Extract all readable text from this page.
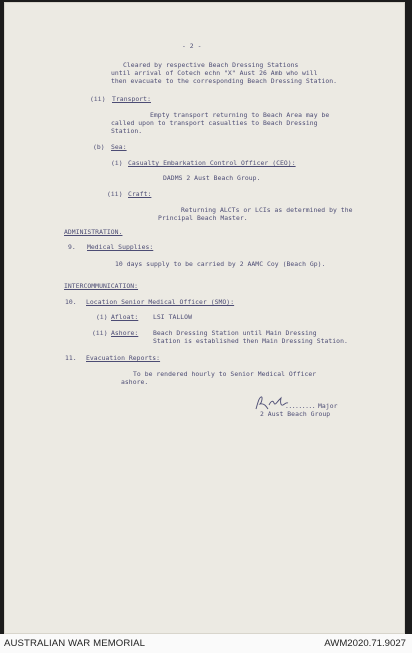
- 2 -
Cleared by respective Beach Dressing Stations
until arrival of Cotech echn "X" Aust 26 Amb who will
then evacuate to the corresponding Beach Dressing Station.
(ii) Transport:
Empty transport returning to Beach Area may be
called upon to transport casualties to Beach Dressing
Station.
(b) Sea:
(i) Casualty Embarkation Control Officer (CEO):
DADMS 2 Aust Beach Group.
(ii) Craft:
Returning ALCTs or LCIs as determined by the
Principal Beach Master.
ADMINISTRATION.
9. Medical Supplies:
10 days supply to be carried by 2 AAMC Coy (Beach Gp).
INTERCOMMUNICATION:
10. Location Senior Medical Officer (SMO):
(i) Afloat: LSI TALLOW
(ii) Ashore: Beach Dressing Station until Main Dressing
Station is established then Main Dressing Station.
11. Evacuation Reports:
To be rendered hourly to Senior Medical Officer
ashore.
......... Major
2 Aust Beach Group
AUSTRALIAN WAR MEMORIAL	AWM2020.71.9027
